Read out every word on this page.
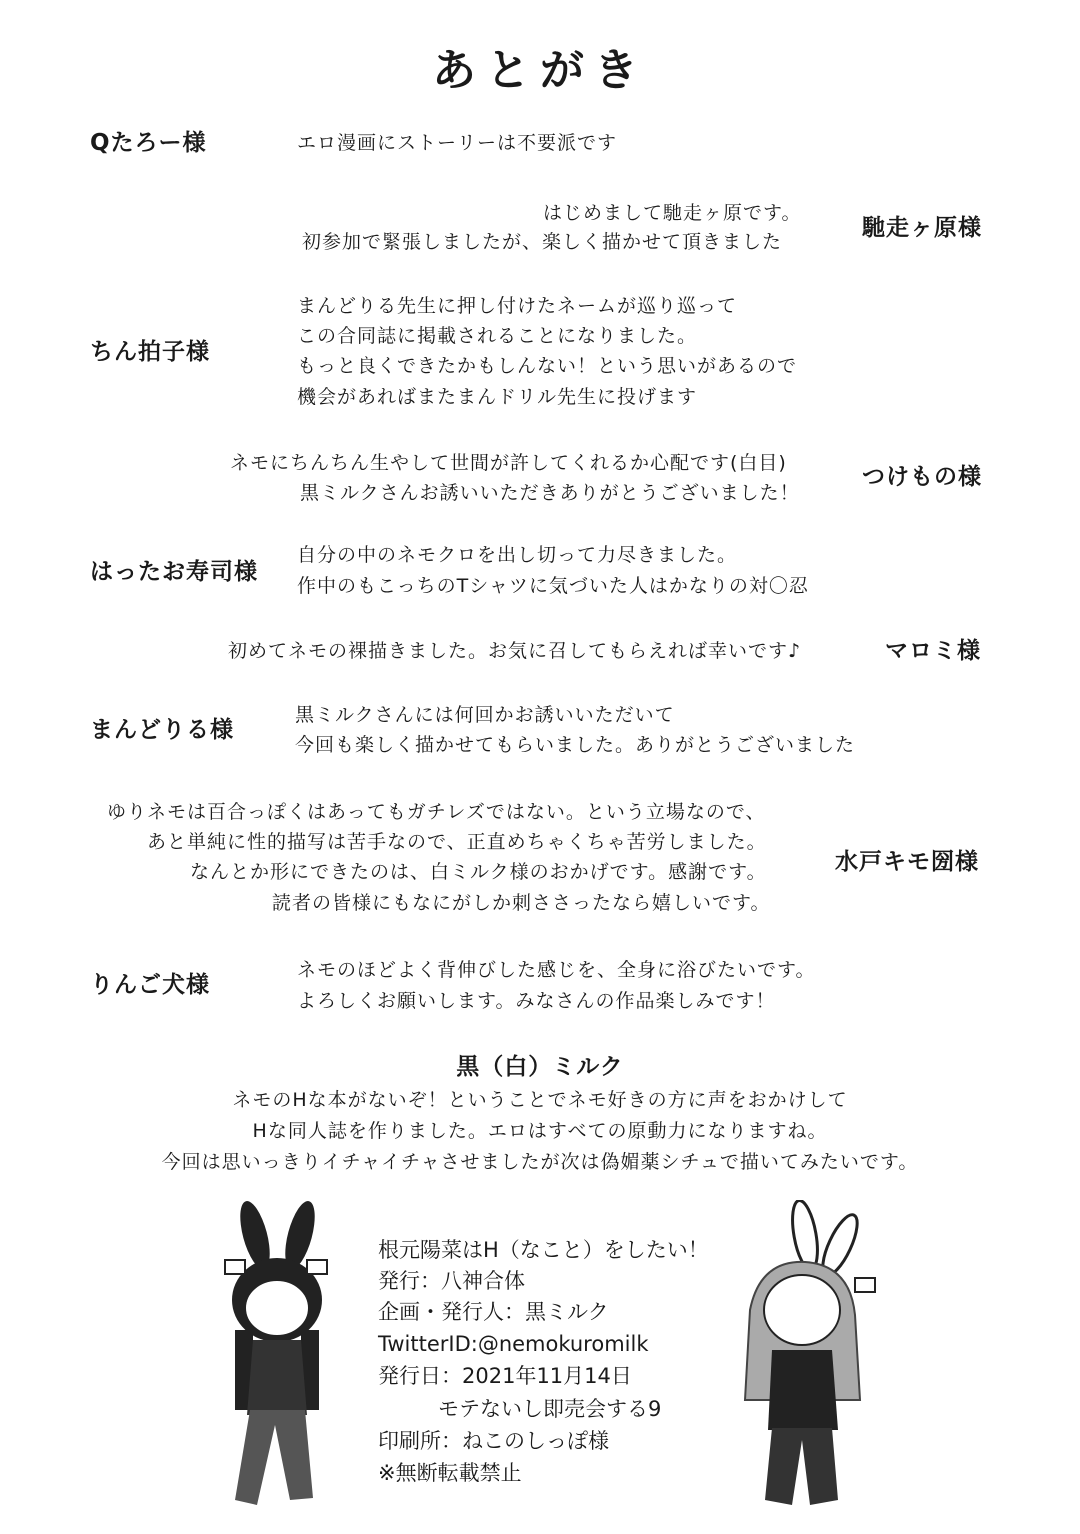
あとがき
Qたろー様	エロ漫画にストーリーは不要派です
はじめまして馳走ヶ原です。
初参加で緊張しましたが、楽しく描かせて頂きました
馳走ヶ原様
ちん拍子様
まんどりる先生に押し付けたネームが巡り巡って
この合同誌に掲載されることになりました。
もっと良くできたかもしんない！という思いがあるので
機会があればまたまんドリル先生に投げます
ネモにちんちん生やして世間が許してくれるか心配です(白目)
黒ミルクさんお誘いいただきありがとうございました！
つけもの様
はったお寿司様
自分の中のネモクロを出し切って力尽きました。
作中のもこっちのTシャツに気づいた人はかなりの対〇忍
初めてネモの裸描きました。お気に召してもらえれば幸いです♪	マロミ様
まんどりる様
黒ミルクさんには何回かお誘いいただいて
今回も楽しく描かせてもらいました。ありがとうございました
ゆりネモは百合っぽくはあってもガチレズではない。という立場なので、
あと単純に性的描写は苦手なので、正直めちゃくちゃ苦労しました。
なんとか形にできたのは、白ミルク様のおかげです。感謝です。
読者の皆様にもなにがしか刺ささったなら嬉しいです。
水戸キモ圀様
りんご犬様
ネモのほどよく背伸びした感じを、全身に浴びたいです。
よろしくお願いします。みなさんの作品楽しみです！
黒（白）ミルク
ネモのHな本がないぞ！ということでネモ好きの方に声をおかけして
Hな同人誌を作りました。エロはすべての原動力になりますね。
今回は思いっきりイチャイチャさせましたが次は偽媚薬シチュで描いてみたいです。
根元陽菜はH（なこと）をしたい！
発行：八神合体
企画・発行人：黒ミルク
TwitterID:@nemokuromilk
発行日：2021年11月14日
モテないし即売会する9
印刷所：ねこのしっぽ様
※無断転載禁止
